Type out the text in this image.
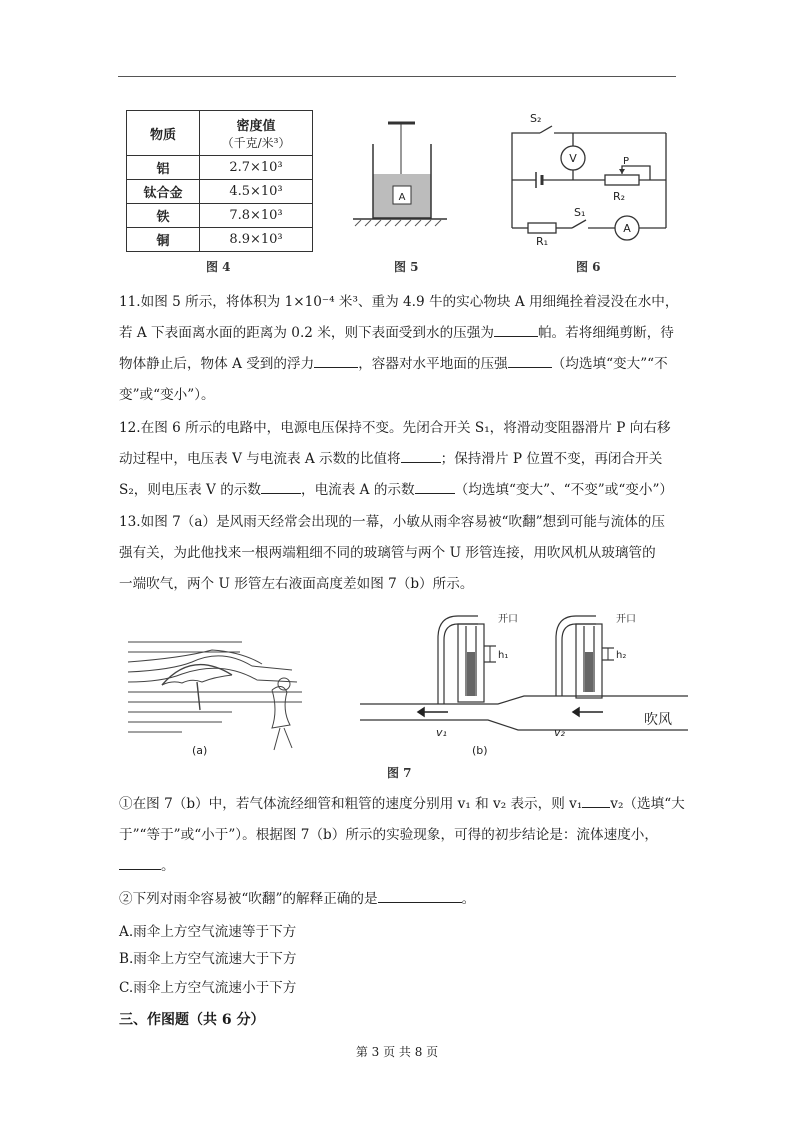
物质	密度值
（千克/米³）

铝	2.7×10³
钛合金	4.5×10³
铁	7.8×10³
铜	8.9×10³
图 4
A
图 5
S₂
V	P
R₂
S₁
R₁
A
图 6
11.如图 5 所示，将体积为 1×10⁻⁴ 米³、重为 4.9 牛的实心物块 A 用细绳拴着浸没在水中，
若 A 下表面离水面的距离为 0.2 米，则下表面受到水的压强为	帕。若将细绳剪断，待
物体静止后，物体 A 受到的浮力	，容器对水平地面的压强	（均选填“变大”“不
变”或“变小”）。
12.在图 6 所示的电路中，电源电压保持不变。先闭合开关 S₁，将滑动变阻器滑片 P 向右移
动过程中，电压表 V 与电流表 A 示数的比值将	；保持滑片 P 位置不变，再闭合开关
S₂，则电压表 V 的示数	，电流表 A 的示数	（均选填“变大”、“不变”或“变小”）
13.如图 7（a）是风雨天经常会出现的一幕，小敏从雨伞容易被“吹翻”想到可能与流体的压
强有关，为此他找来一根两端粗细不同的玻璃管与两个 U 形管连接，用吹风机从玻璃管的
一端吹气，两个 U 形管左右液面高度差如图 7（b）所示。
(a)
开口	开口
h₁	h₂
v₁	v₂
吹风
(b)
图 7
①在图 7（b）中，若气体流经细管和粗管的速度分别用 v₁ 和 v₂ 表示，则 v₁ v₂（选填“大
于”“等于”或“小于”）。根据图 7（b）所示的实验现象，可得的初步结论是：流体速度小，
。
②下列对雨伞容易被“吹翻”的解释正确的是	。
A.雨伞上方空气流速等于下方
B.雨伞上方空气流速大于下方
C.雨伞上方空气流速小于下方
三、作图题（共 6 分）
第 3 页 共 8 页
